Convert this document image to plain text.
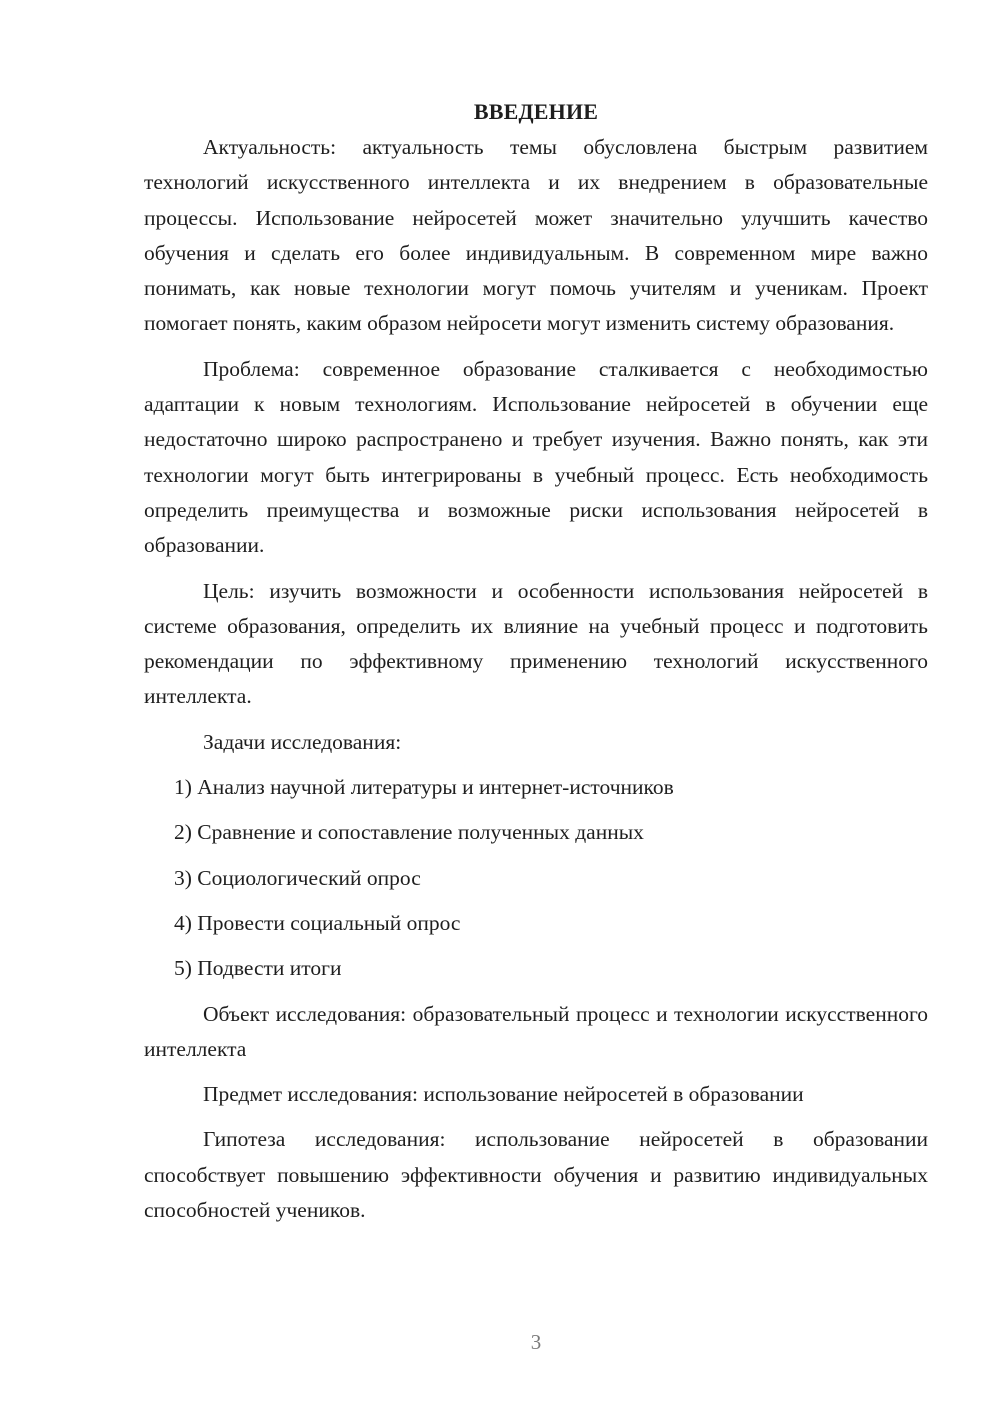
ВВЕДЕНИЕ

Актуальность: актуальность темы обусловлена быстрым развитием технологий искусственного интеллекта и их внедрением в образовательные процессы. Использование нейросетей может значительно улучшить качество обучения и сделать его более индивидуальным. В современном мире важно понимать, как новые технологии могут помочь учителям и ученикам. Проект помогает понять, каким образом нейросети могут изменить систему образования.

Проблема: современное образование сталкивается с необходимостью адаптации к новым технологиям. Использование нейросетей в обучении еще недостаточно широко распространено и требует изучения. Важно понять, как эти технологии могут быть интегрированы в учебный процесс. Есть необходимость определить преимущества и возможные риски использования нейросетей в образовании.

Цель: изучить возможности и особенности использования нейросетей в системе образования, определить их влияние на учебный процесс и подготовить рекомендации по эффективному применению технологий искусственного интеллекта.

Задачи исследования:

1) Анализ научной литературы и интернет-источников
2) Сравнение и сопоставление полученных данных
3) Социологический опрос
4) Провести социальный опрос
5) Подвести итоги

Объект исследования: образовательный процесс и технологии искусственного интеллекта

Предмет исследования: использование нейросетей в образовании

Гипотеза исследования: использование нейросетей в образовании способствует повышению эффективности обучения и развитию индивидуальных способностей учеников.

3
